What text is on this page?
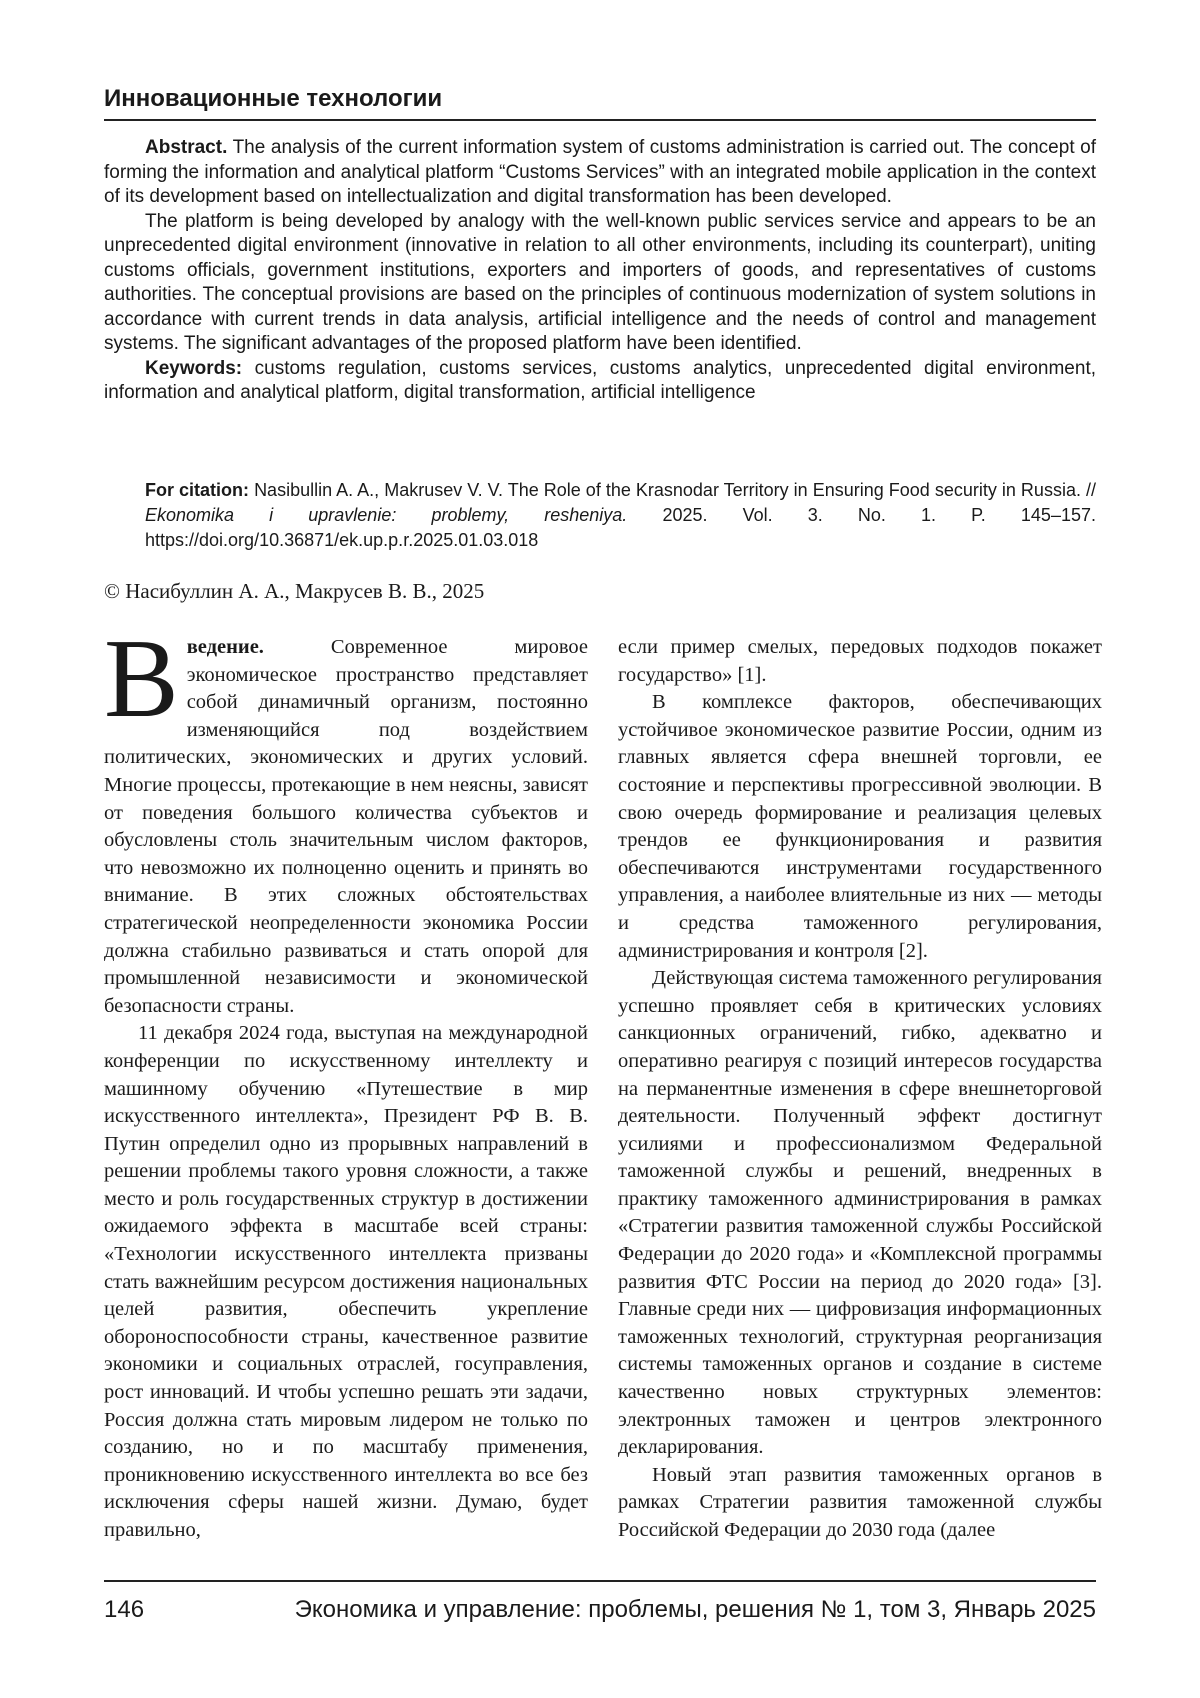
Инновационные технологии

Abstract. The analysis of the current information system of customs administration is carried out. The concept of forming the information and analytical platform “Customs Services” with an integrated mobile application in the context of its development based on intellectualization and digital transformation has been developed.

The platform is being developed by analogy with the well-known public services service and appears to be an unprecedented digital environment (innovative in relation to all other environments, including its counterpart), uniting customs officials, government institutions, exporters and importers of goods, and representatives of customs authorities. The conceptual provisions are based on the principles of continuous modernization of system solutions in accordance with current trends in data analysis, artificial intelligence and the needs of control and management systems. The significant advantages of the proposed platform have been identified.

Keywords: customs regulation, customs services, customs analytics, unprecedented digital environment, information and analytical platform, digital transformation, artificial intelligence

For citation: Nasibullin A. A., Makrusev V. V. The Role of the Krasnodar Territory in Ensuring Food security in Russia. // Ekonomika i upravlenie: problemy, resheniya. 2025. Vol. 3. No. 1. P. 145–157. https://doi.org/10.36871/ek.up.p.r.2025.01.03.018

© Насибуллин А. А., Макрусев В. В., 2025

Введение.	Современное мировое экономическое пространство представляет собой динамичный организм, постоянно изменяющийся под воздействием политических, экономических и других условий. Многие процессы, протекающие в нем неясны, зависят от поведения большого количества субъектов и обусловлены столь значительным числом факторов, что невозможно их полноценно оценить и принять во внимание. В этих сложных обстоятельствах стратегической неопределенности экономика России должна стабильно развиваться и стать опорой для промышленной независимости и экономической безопасности страны.

11 декабря 2024 года, выступая на международной конференции по искусственному интеллекту и машинному обучению «Путешествие в мир искусственного интеллекта», Президент РФ В. В. Путин определил одно из прорывных направлений в решении проблемы такого уровня сложности, а также место и роль государственных структур в достижении ожидаемого эффекта в масштабе всей страны: «Технологии искусственного интеллекта призваны стать важнейшим ресурсом достижения национальных целей развития, обеспечить укрепление обороноспособности страны, качественное развитие экономики и социальных отраслей, госуправления, рост инноваций. И чтобы успешно решать эти задачи, Россия должна стать мировым лидером не только по созданию, но и по масштабу применения, проникновению искусственного интеллекта во все без исключения сферы нашей жизни. Думаю, будет правильно,

если пример смелых, передовых подходов покажет государство» [1].

В комплексе факторов, обеспечивающих устойчивое экономическое развитие России, одним из главных является сфера внешней торговли, ее состояние и перспективы прогрессивной эволюции. В свою очередь формирование и реализация целевых трендов ее функционирования и развития обеспечиваются инструментами государственного управления, а наиболее влиятельные из них — методы и средства таможенного регулирования, администрирования и контроля [2].

Действующая система таможенного регулирования успешно проявляет себя в критических условиях санкционных ограничений, гибко, адекватно и оперативно реагируя с позиций интересов государства на перманентные изменения в сфере внешнеторговой деятельности. Полученный эффект достигнут усилиями и профессионализмом Федеральной таможенной службы и решений, внедренных в практику таможенного администрирования в рамках «Стратегии развития таможенной службы Российской Федерации до 2020 года» и «Комплексной программы развития ФТС России на период до 2020 года» [3]. Главные среди них — цифровизация информационных таможенных технологий, структурная реорганизация системы таможенных органов и создание в системе качественно новых структурных элементов: электронных таможен и центров электронного декларирования.

Новый этап развития таможенных органов в рамках Стратегии развития таможенной службы Российской Федерации до 2030 года (далее

146	Экономика и управление: проблемы, решения № 1, том 3, Январь 2025
